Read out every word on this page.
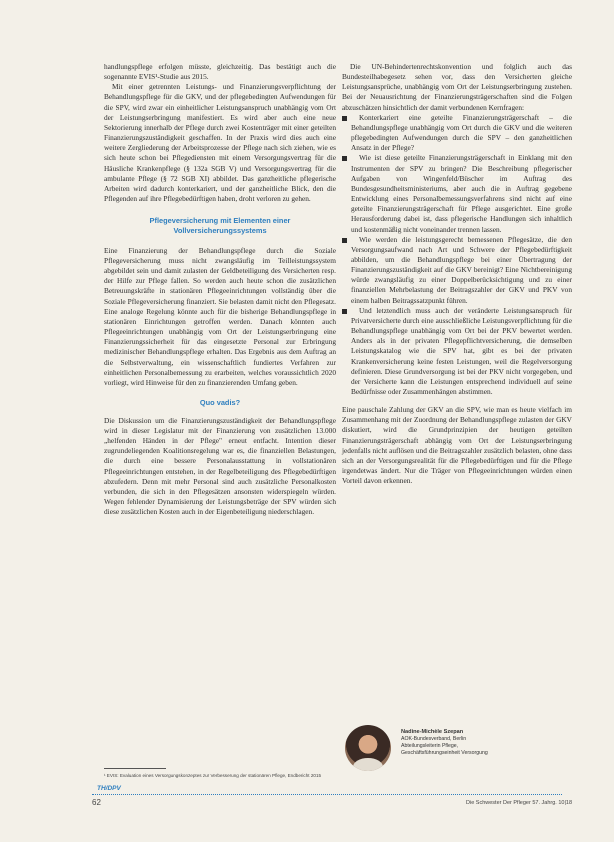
handlungspflege erfolgen müsste, gleichzeitig. Das bestätigt auch die sogenannte EVIS¹-Studie aus 2015.

Mit einer getrennten Leistungs- und Finanzierungsverpflichtung der Behandlungspflege für die GKV, und der pflegebedingten Aufwendungen für die SPV, wird zwar ein einheitlicher Leistungsanspruch unabhängig vom Ort der Leistungserbringung manifestiert. Es wird aber auch eine neue Sektorierung innerhalb der Pflege durch zwei Kostenträger mit einer geteilten Finanzierungszuständigkeit geschaffen. In der Praxis wird dies auch eine weitere Zergliederung der Arbeitsprozesse der Pflege nach sich ziehen, wie es sich heute schon bei Pflegediensten mit einem Versorgungsvertrag für die Häusliche Krankenpflege (§ 132a SGB V) und Versorgungsvertrag für die ambulante Pflege (§ 72 SGB XI) abbildet. Das ganzheitliche pflegerische Arbeiten wird dadurch konterkariert, und der ganzheitliche Blick, den die Pflegenden auf ihre Pflegebedürftigen haben, droht verloren zu gehen.

Pflegeversicherung mit Elementen einer
Vollversicherungssystems

Eine Finanzierung der Behandlungspflege durch die Soziale Pflegeversicherung muss nicht zwangsläufig im Teilleistungssystem abgebildet sein und damit zulasten der Geldbeteiligung des Versicherten resp. der Hilfe zur Pflege fallen. So werden auch heute schon die zusätzlichen Betreuungskräfte in stationären Pflegeeinrichtungen vollständig über die Soziale Pflegeversicherung finanziert. Sie belasten damit nicht den Pflegesatz. Eine analoge Regelung könnte auch für die bisherige Behandlungspflege in stationären Einrichtungen getroffen werden. Danach könnten auch Pflegeeinrichtungen unabhängig vom Ort der Leistungserbringung eine Finanzierungssicherheit für das eingesetzte Personal zur Erbringung medizinischer Behandlungspflege erhalten. Das Ergebnis aus dem Auftrag an die Selbstverwaltung, ein wissenschaftlich fundiertes Verfahren zur einheitlichen Personalbemessung zu erarbeiten, welches voraussichtlich 2020 vorliegt, wird Hinweise für den zu finanzierenden Umfang geben.

Quo vadis?

Die Diskussion um die Finanzierungszuständigkeit der Behandlungspflege wird in dieser Legislatur mit der Finanzierung von zusätzlichen 13.000 „helfenden Händen in der Pflege" erneut entfacht. Intention dieser zugrundeliegenden Koalitionsregelung war es, die finanziellen Belastungen, die durch eine bessere Personalausstattung in vollstationären Pflegeeinrichtungen entstehen, in der Regelbeteiligung des Pflegebedürftigen abzufedern. Denn mit mehr Personal sind auch zusätzliche Personalkosten verbunden, die sich in den Pflegesätzen ansonsten widerspiegeln würden. Wegen fehlender Dynamisierung der Leistungsbeträge der SPV würden sich diese zusätzlichen Kosten auch in der Eigenbeteiligung niederschlagen.

Die UN-Behindertenrechtskonvention und folglich auch das Bundesteilhabegesetz sehen vor, dass den Versicherten gleiche Leistungsansprüche, unabhängig vom Ort der Leistungserbringung zustehen. Bei der Neuausrichtung der Finanzierungsträgerschaften sind die Folgen abzuschätzen hinsichtlich der damit verbundenen Kernfragen:

Konterkariert eine geteilte Finanzierungsträgerschaft – die Behandlungspflege unabhängig vom Ort durch die GKV und die weiteren pflegebedingten Aufwendungen durch die SPV – den ganzheitlichen Ansatz in der Pflege?

Wie ist diese geteilte Finanzierungsträgerschaft in Einklang mit den Instrumenten der SPV zu bringen? Die Beschreibung pflegerischer Aufgaben von Wingenfeld/Büscher im Auftrag des Bundesgesundheitsministeriums, aber auch die in Auftrag gegebene Entwicklung eines Personalbemessungsverfahrens sind nicht auf eine geteilte Finanzierungsträgerschaft für Pflege ausgerichtet. Eine große Herausforderung dabei ist, dass pflegerische Handlungen sich inhaltlich und kostenmäßig nicht voneinander trennen lassen.

Wie werden die leistungsgerecht bemessenen Pflegesätze, die den Versorgungsaufwand nach Art und Schwere der Pflegebedürftigkeit abbilden, um die Behandlungspflege bei einer Übertragung der Finanzierungszuständigkeit auf die GKV bereinigt? Eine Nichtbereinigung würde zwangsläufig zu einer Doppelberücksichtigung und zu einer finanziellen Mehrbelastung der Beitragszahler der GKV und PKV von einem halben Beitragssatzpunkt führen.

Und letztendlich muss auch der veränderte Leistungsanspruch für Privatversicherte durch eine ausschließliche Leistungsverpflichtung für die Behandlungspflege unabhängig vom Ort bei der PKV bewertet werden. Anders als in der privaten Pflegepflichtversicherung, die demselben Leistungskatalog wie die SPV hat, gibt es bei der privaten Krankenversicherung keine festen Leistungen, weil die Regelversorgung definieren. Diese Grundversorgung ist bei der PKV nicht vorgegeben, und der Versicherte kann die Leistungen entsprechend individuell auf seine Bedürfnisse oder Zusammenhängen abstimmen.

Eine pauschale Zahlung der GKV an die SPV, wie man es heute vielfach im Zusammenhang mit der Zuordnung der Behandlungspflege zulasten der GKV diskutiert, wird die Grundprinzipien der heutigen geteilten Finanzierungsträgerschaft abhängig vom Ort der Leistungserbringung jedenfalls nicht auflösen und die Beitragszahler zusätzlich belasten, ohne dass sich an der Versorgungsrealität für die Pflegebedürftigen und für die Pflege irgendetwas ändert. Nur die Träger von Pflegeeinrichtungen würden einen Vorteil davon erkennen.

Nadine-Michèle Szepan
AOK-Bundesverband, Berlin
Abteilungsleiterin Pflege,
Geschäftsführungseinheit Versorgung
¹ EVIS: Evaluation eines Versorgungskonzeptes zur Verbesserung der stationären Pflege, Endbericht 2015
TH/DPV
62	Die Schwester Der Pfleger 57. Jahrg. 10|18
